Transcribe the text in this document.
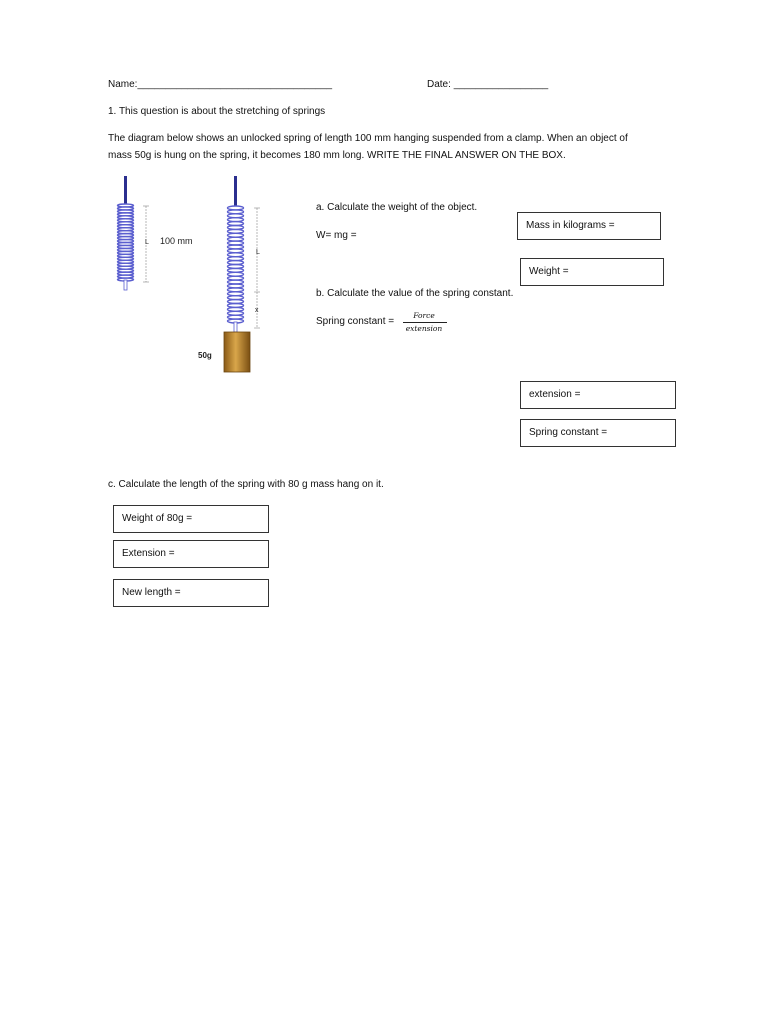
Name:___________________________________	Date: _________________
1. This question is about the stretching of springs
The diagram below shows an unlocked spring of length 100 mm hanging suspended from a clamp. When an object of
mass 50g is hung on the spring, it becomes 180 mm long. WRITE THE FINAL ANSWER ON THE BOX.
L 100 mm
L
x
50g
a. Calculate the weight of the object.
W= mg =
Mass in kilograms =
Weight =
b. Calculate the value of the spring constant.
Spring constant =
Force
extension
extension =
Spring constant =
c. Calculate the length of the spring with 80 g mass hang on it.
Weight of 80g =
Extension =
New length =
